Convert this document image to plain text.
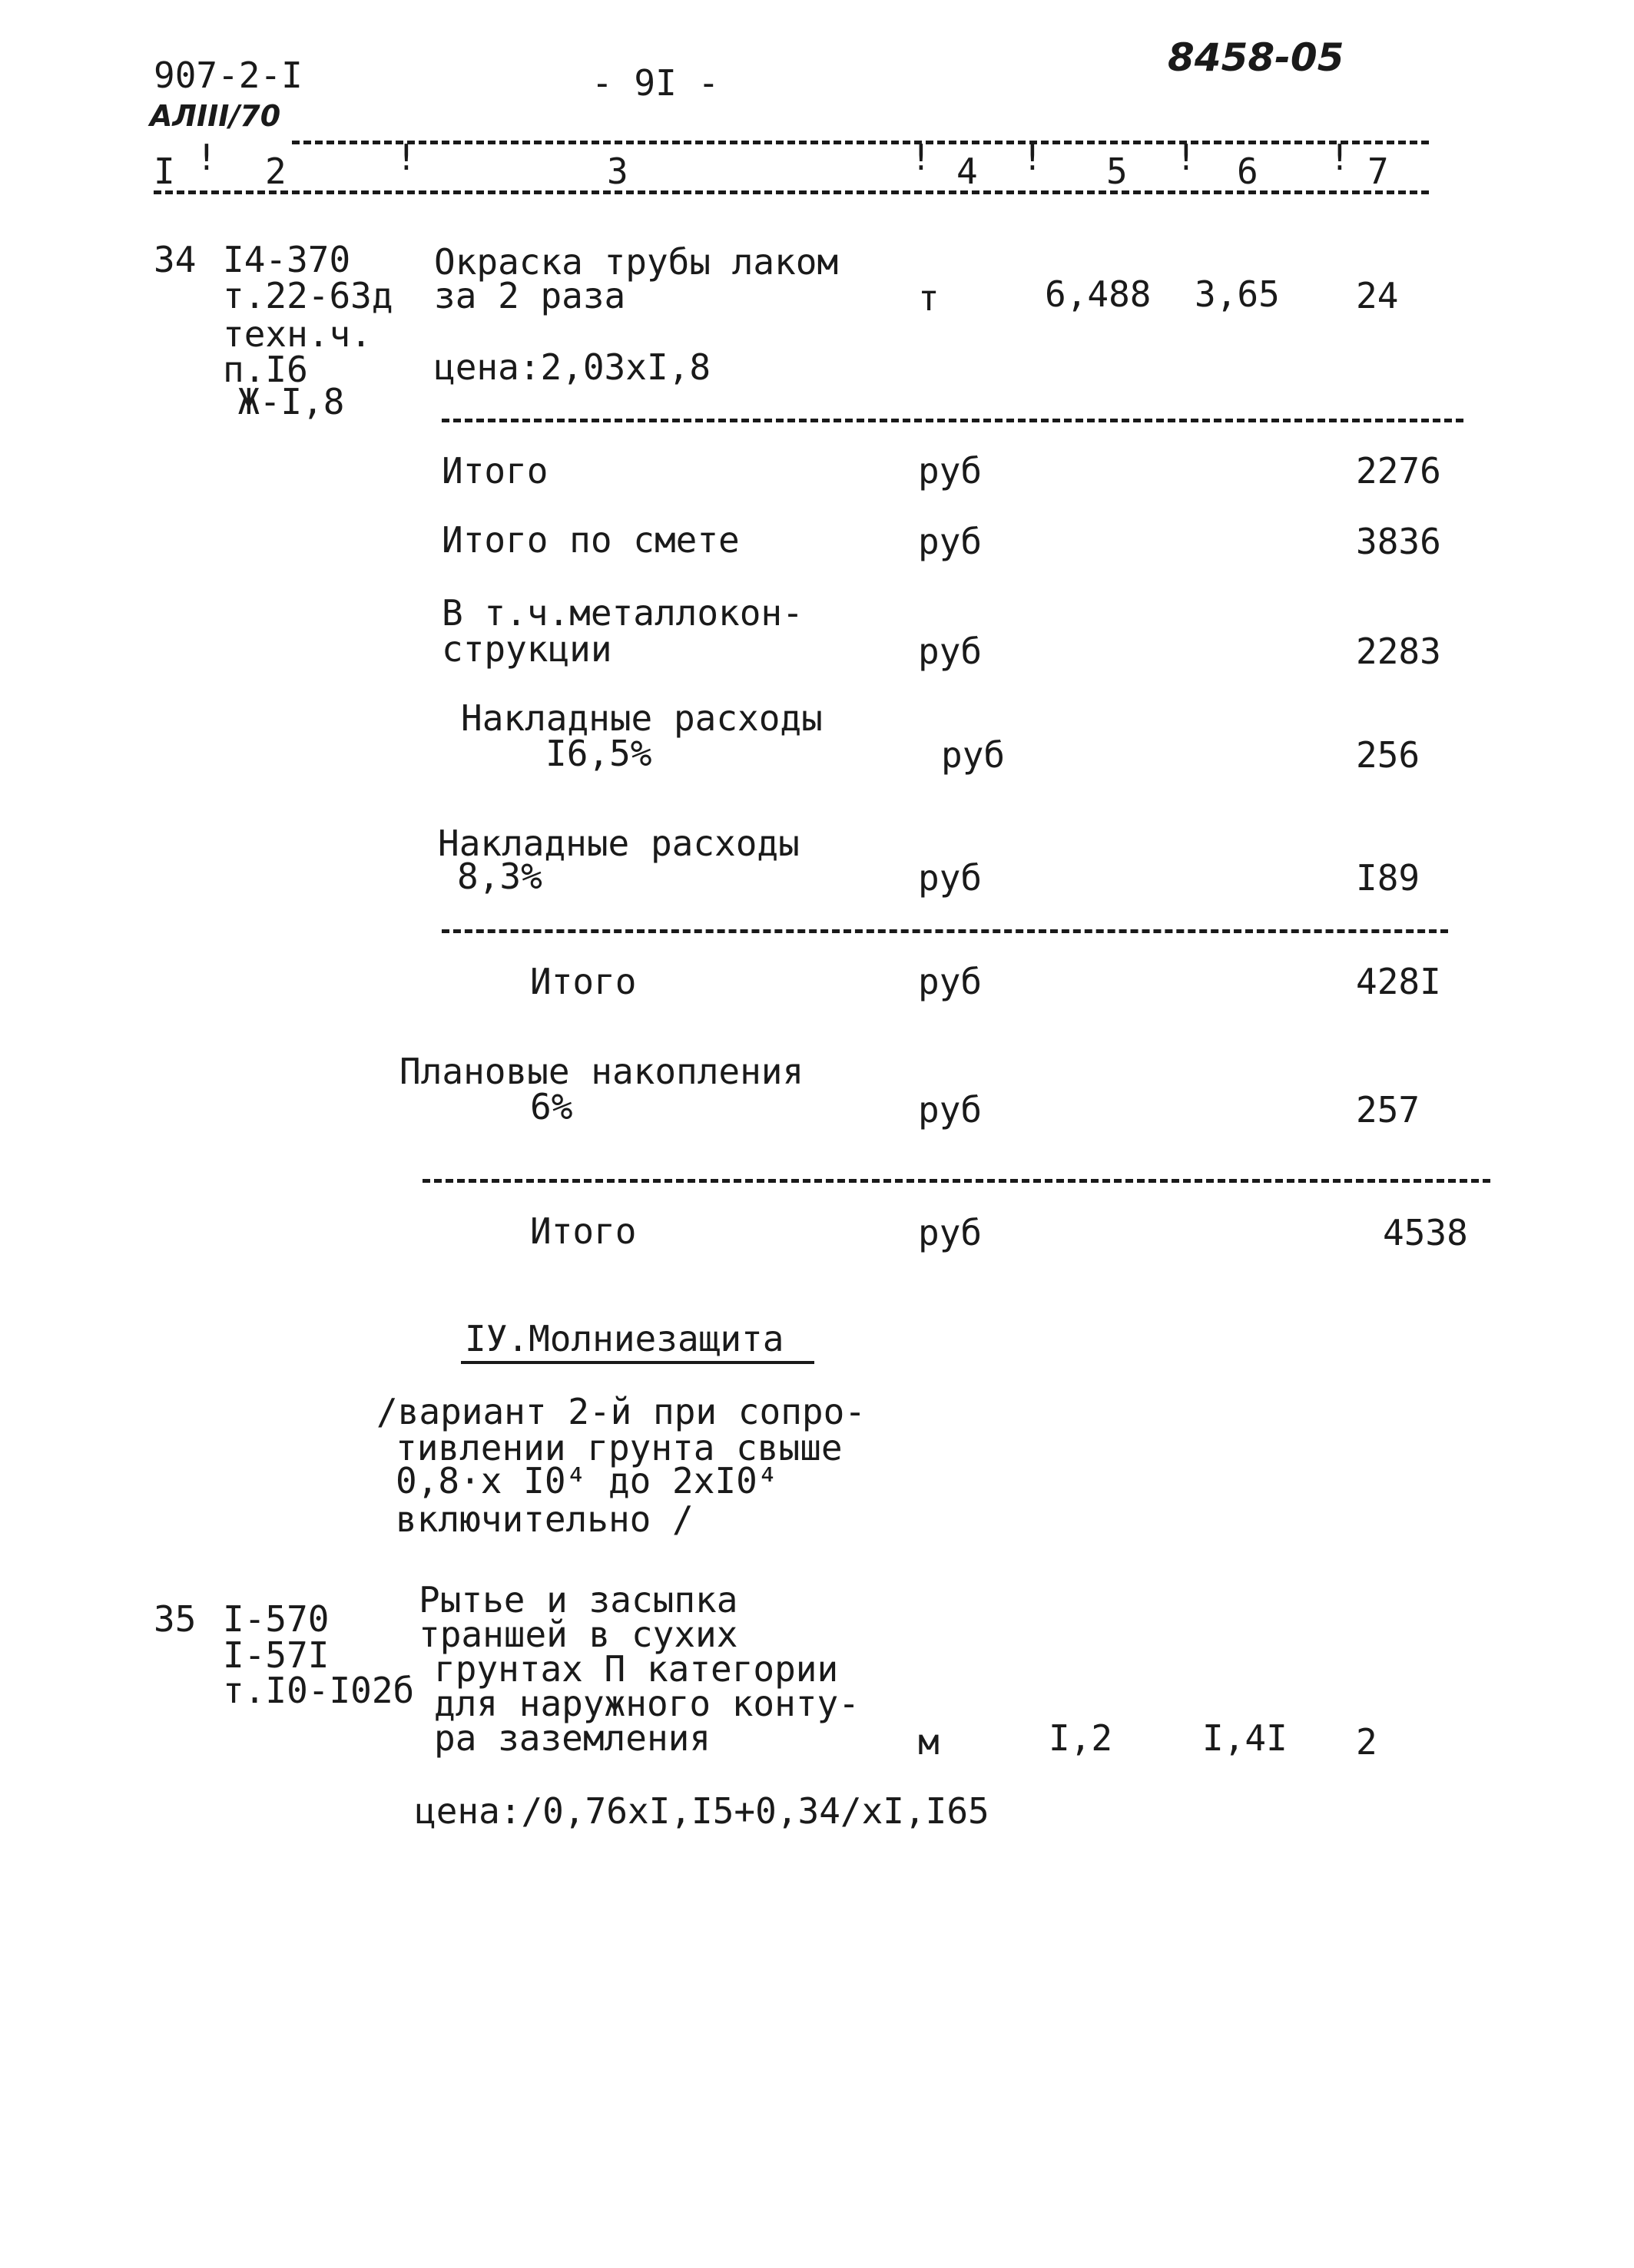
907-2-I
АЛIII/70
- 9I -
8458-05
I ! 2	!	3	! 4 ! 5 ! 6 ! 7
34 I4-370
т.22-63д
техн.ч.
п.I6
Ж-I,8
Окраска трубы лаком
за 2 раза	т	6,488 3,65 24
цена:2,03xI,8
Итого	руб	2276
Итого по смете	руб	3836
В т.ч.металлокон-
струкции	руб	2283
Накладные расходы
I6,5%	руб	256
Накладные расходы
8,3%	руб	I89
Итого	руб	428I
Плановые накопления
6%	руб	257
Итого	руб	4538
IУ.Молниезащита
/вариант 2-й при сопро-
тивлении грунта свыше
0,8·x I0⁴ до 2xI0⁴
включительно /
35 I-570
I-57I
т.I0-I02б
Рытье и засыпка
траншей в сухих
грунтах П категории
для наружного конту-
ра заземления	м	I,2	I,4I 2
цена:/0,76xI,I5+0,34/xI,I65
